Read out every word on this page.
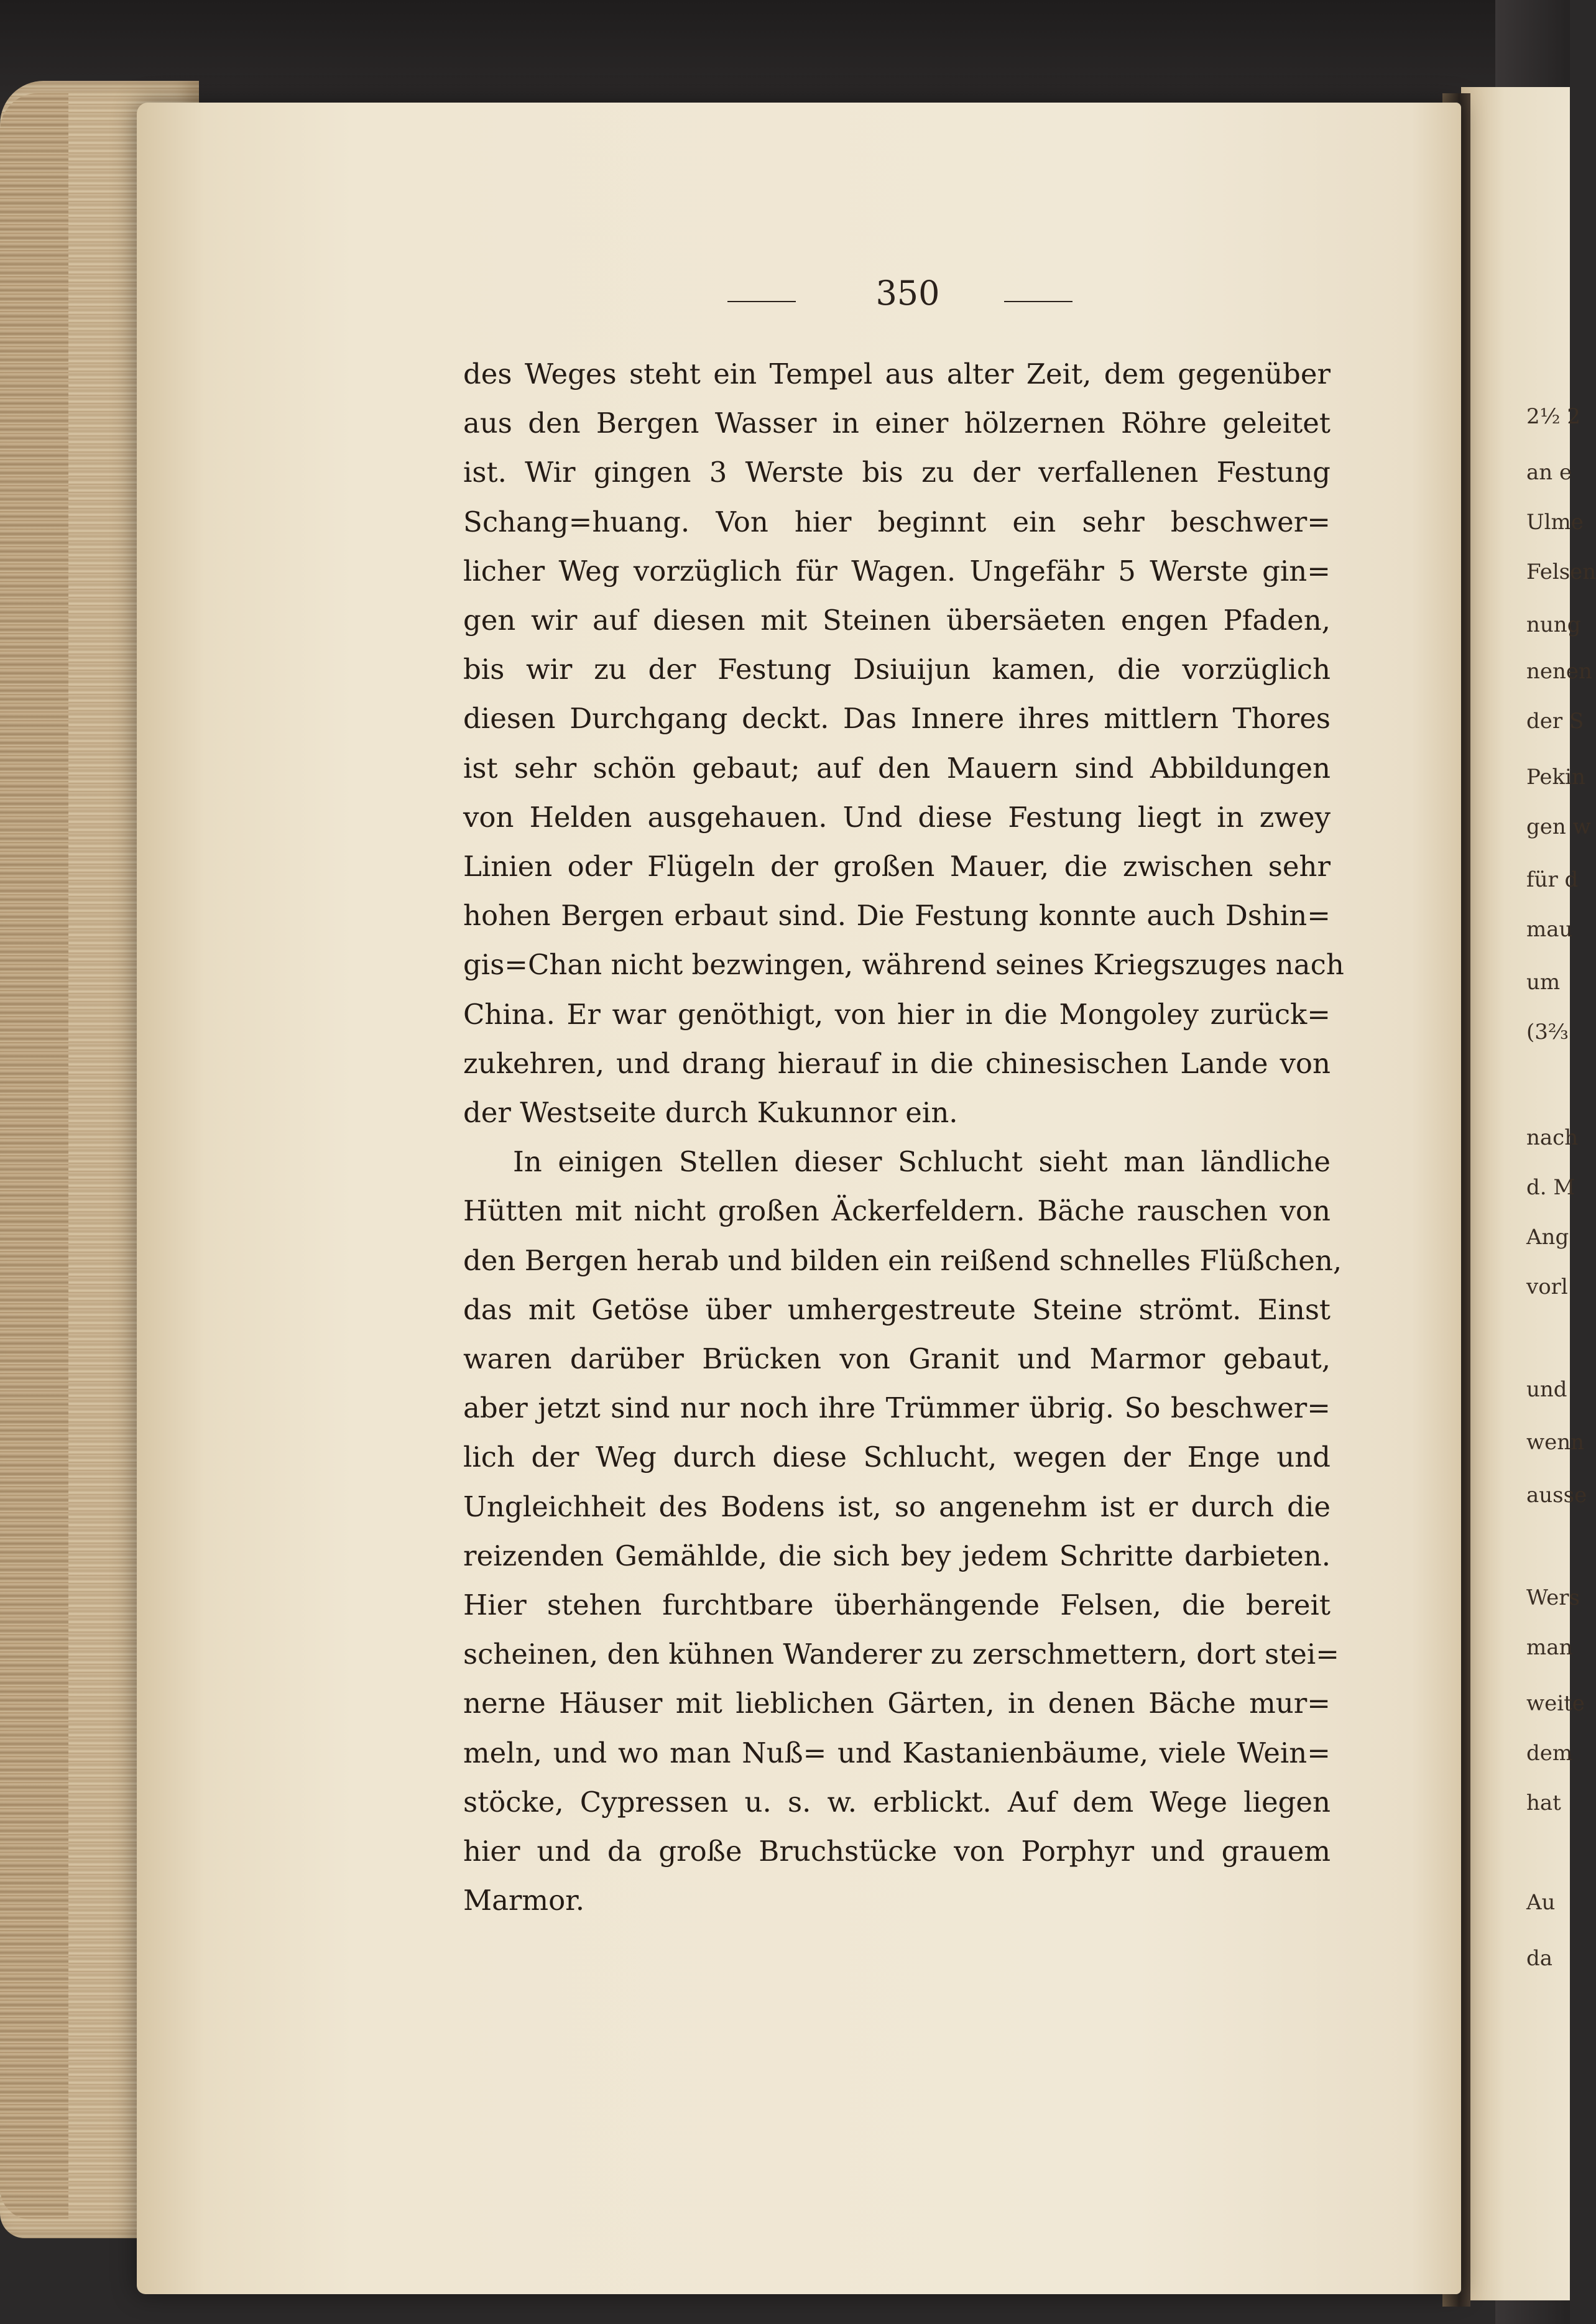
2½ 2
an e
Ulme
Felsen
nung
nenen
der S
Pekin
gen w
für d
mau
um
(3⅔
nach
d. M
Ang
vorl
und
wenn
ausse
Wers
man
weite
dem
hat
Au
da
350
des Weges steht ein Tempel aus alter Zeit, dem gegenüber
aus den Bergen Wasser in einer hölzernen Röhre geleitet
ist. Wir gingen 3 Werste bis zu der verfallenen Festung
Schang=huang. Von hier beginnt ein sehr beschwer=
licher Weg vorzüglich für Wagen. Ungefähr 5 Werste gin=
gen wir auf diesen mit Steinen übersäeten engen Pfaden,
bis wir zu der Festung Dsiuijun kamen, die vorzüglich
diesen Durchgang deckt. Das Innere ihres mittlern Thores
ist sehr schön gebaut; auf den Mauern sind Abbildungen
von Helden ausgehauen. Und diese Festung liegt in zwey
Linien oder Flügeln der großen Mauer, die zwischen sehr
hohen Bergen erbaut sind. Die Festung konnte auch Dshin=
gis=Chan nicht bezwingen, während seines Kriegszuges nach
China. Er war genöthigt, von hier in die Mongoley zurück=
zukehren, und drang hierauf in die chinesischen Lande von
der Westseite durch Kukunnor ein.
In einigen Stellen dieser Schlucht sieht man ländliche
Hütten mit nicht großen Äckerfeldern. Bäche rauschen von
den Bergen herab und bilden ein reißend schnelles Flüßchen,
das mit Getöse über umhergestreute Steine strömt. Einst
waren darüber Brücken von Granit und Marmor gebaut,
aber jetzt sind nur noch ihre Trümmer übrig. So beschwer=
lich der Weg durch diese Schlucht, wegen der Enge und
Ungleichheit des Bodens ist, so angenehm ist er durch die
reizenden Gemählde, die sich bey jedem Schritte darbieten.
Hier stehen furchtbare überhängende Felsen, die bereit
scheinen, den kühnen Wanderer zu zerschmettern, dort stei=
nerne Häuser mit lieblichen Gärten, in denen Bäche mur=
meln, und wo man Nuß= und Kastanienbäume, viele Wein=
stöcke, Cypressen u. s. w. erblickt. Auf dem Wege liegen
hier und da große Bruchstücke von Porphyr und grauem
Marmor.
